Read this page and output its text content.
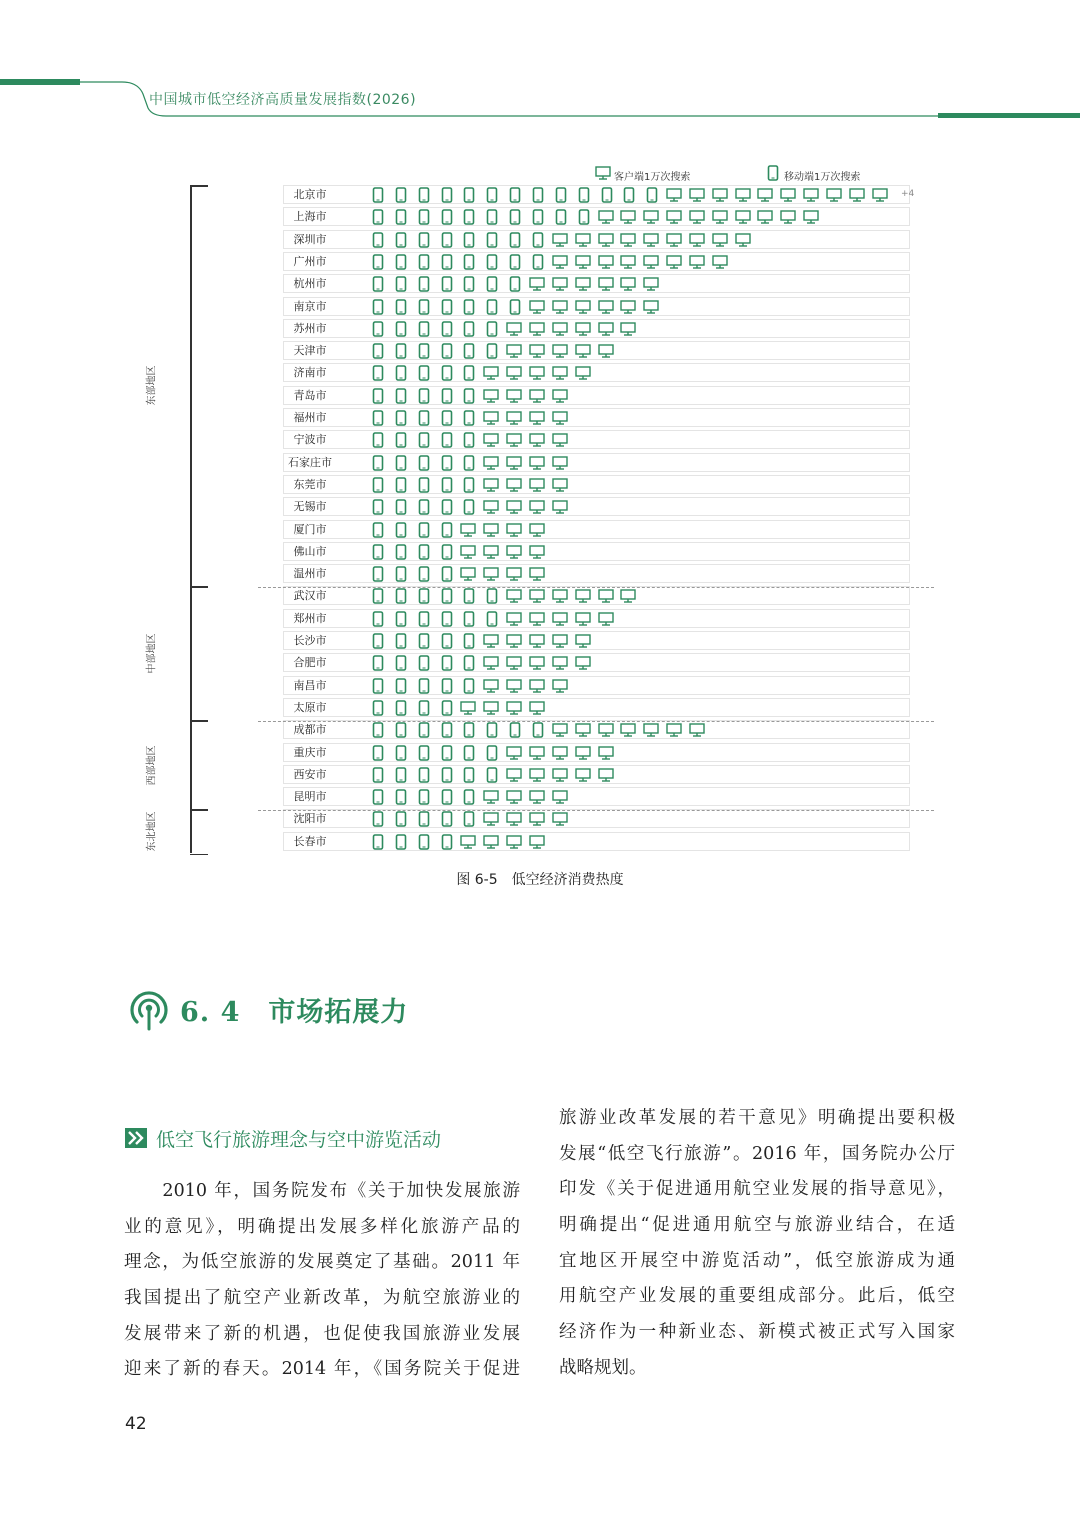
中国城市低空经济高质量发展指数(2026)
客户端1万次搜索	移动端1万次搜索
北京市	+4
上海市
深圳市
广州市
杭州市
南京市
苏州市
天津市
济南市
青岛市
福州市
宁波市
石家庄市
东莞市
无锡市
厦门市
佛山市
温州市
武汉市
郑州市
长沙市
合肥市
南昌市
太原市
成都市
重庆市
西安市
昆明市
沈阳市
长春市
东部地区
中部地区
西部地区
东北地区
图 6-5　低空经济消费热度
6. 4　市场拓展力
低空飞行旅游理念与空中游览活动
　　2010 年，国务院发布《关于加快发展旅游
业的意见》，明确提出发展多样化旅游产品的
理念，为低空旅游的发展奠定了基础。2011 年
我国提出了航空产业新改革，为航空旅游业的
发展带来了新的机遇，也促使我国旅游业发展
迎来了新的春天。2014 年，《国务院关于促进
旅游业改革发展的若干意见》明确提出要积极
发展“低空飞行旅游”。2016 年，国务院办公厅
印发《关于促进通用航空业发展的指导意见》，
明确提出“促进通用航空与旅游业结合，在适
宜地区开展空中游览活动”，低空旅游成为通
用航空产业发展的重要组成部分。此后，低空
经济作为一种新业态、新模式被正式写入国家
战略规划。
42
